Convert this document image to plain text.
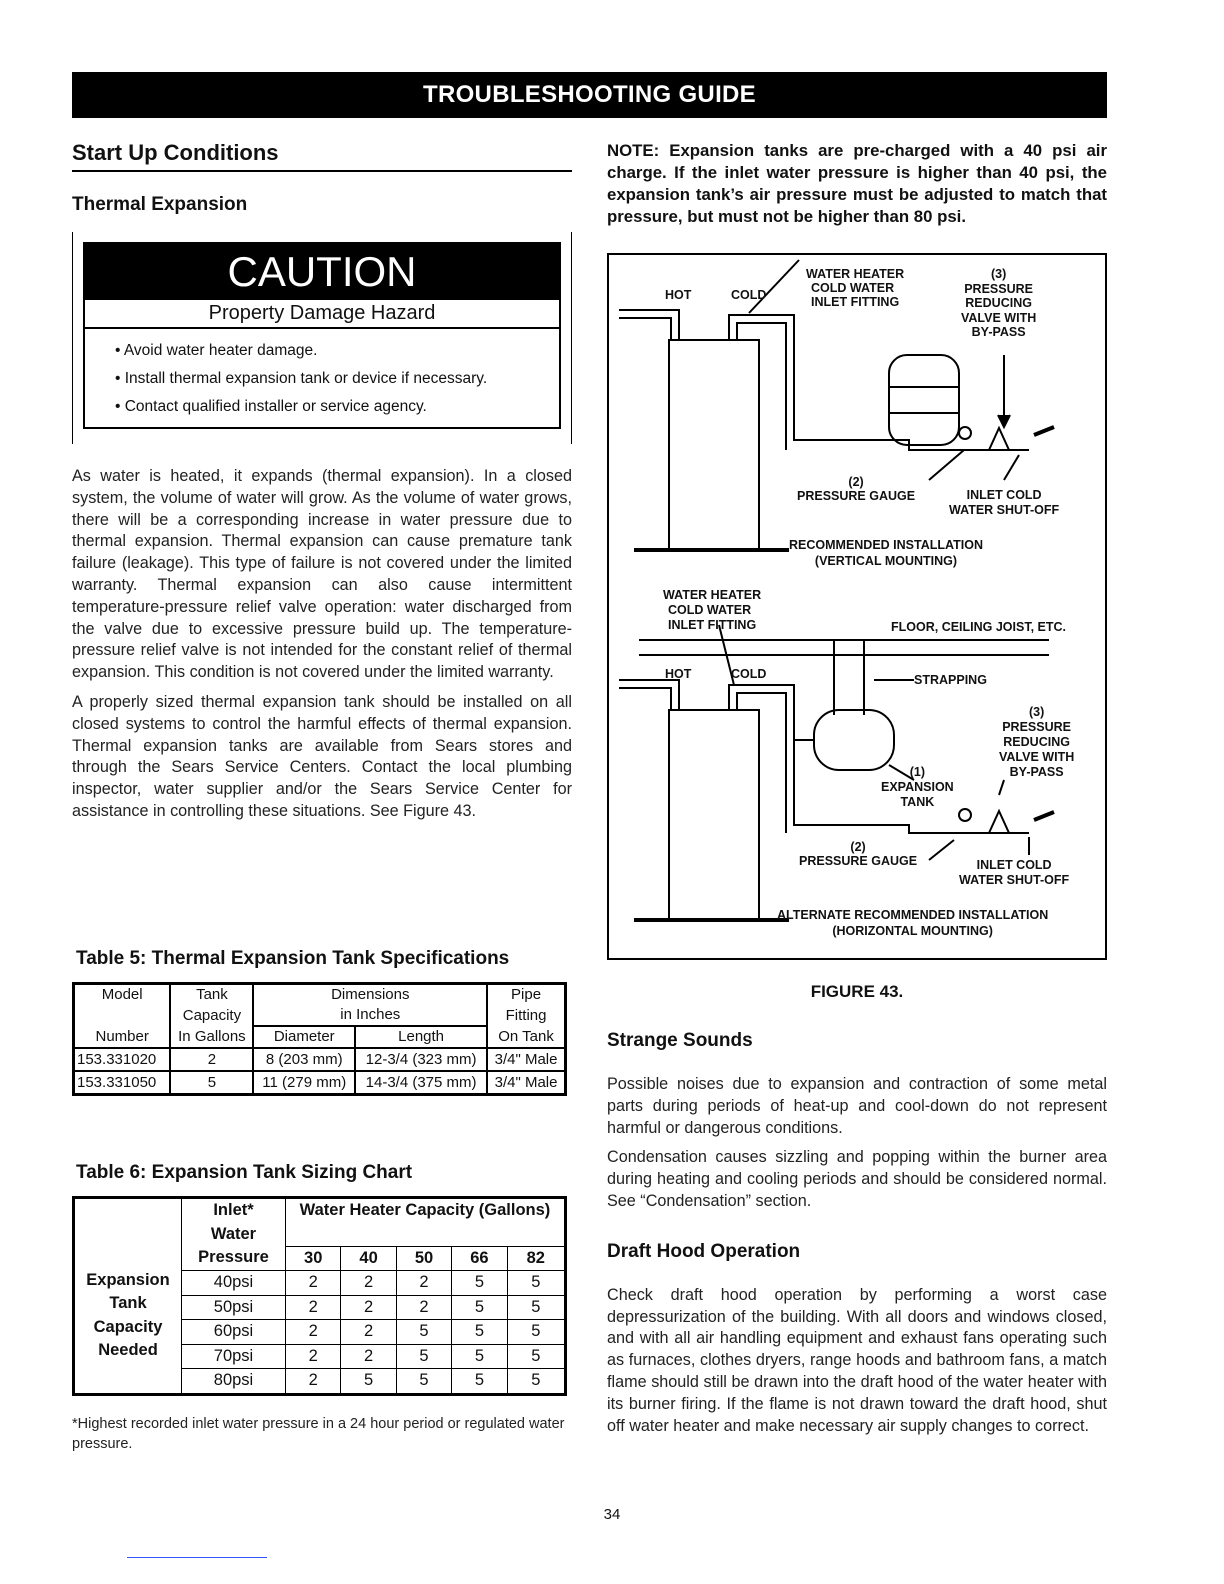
TROUBLESHOOTING GUIDE
Start Up Conditions
Thermal Expansion
CAUTION
Property Damage Hazard
• Avoid water heater damage.
• Install thermal expansion tank or device if necessary.
• Contact qualified installer or service agency.

As water is heated, it expands (thermal expansion). In a closed system, the volume of water will grow. As the volume of water grows, there will be a corresponding increase in water pressure due to thermal expansion. Thermal expansion can cause premature tank failure (leakage). This type of failure is not covered under the limited warranty. Thermal expansion can also cause intermittent temperature-pressure relief valve operation: water discharged from the valve due to excessive pressure build up. The temperature-pressure relief valve is not intended for the constant relief of thermal expansion. This condition is not covered under the limited warranty.

A properly sized thermal expansion tank should be installed on all closed systems to control the harmful effects of thermal expansion. Thermal expansion tanks are available from Sears stores and through the Sears Service Centers. Contact the local plumbing inspector, water supplier and/or the Sears Service Center for assistance in controlling these situations. See Figure 43.

Table 5: Thermal Expansion Tank Specifications
Model	Tank	Dimensions		Pipe
	Capacity	in Inches		Fitting
Number	In Gallons	Diameter	Length	On Tank
153.331020	2	8 (203 mm)	12-3/4 (323 mm)	3/4" Male
153.331050	5	11 (279 mm)	14-3/4 (375 mm)	3/4" Male
Table 6: Expansion Tank Sizing Chart
Expansion
Tank
Capacity
Needed	Inlet*	Water Heater Capacity (Gallons)				
	Water					
	Pressure	30	40	50	66	82
	40psi	2	2	2	5	5
	50psi	2	2	2	5	5
	60psi	2	2	5	5	5
	70psi	2	2	5	5	5
	80psi	2	5	5	5	5
*Highest recorded inlet water pressure in a 24 hour period or regulated water pressure.

NOTE: Expansion tanks are pre-charged with a 40 psi air charge. If the inlet water pressure is higher than 40 psi, the expansion tank’s air pressure must be adjusted to match that pressure, but must not be higher than 80 psi.

HOT	COLD
WATER HEATER
COLD WATER
INLET FITTING
(3)
PRESSURE
REDUCING
VALVE WITH
BY-PASS
(2)
PRESSURE GAUGE	INLET COLD
WATER SHUT-OFF
RECOMMENDED INSTALLATION
(VERTICAL MOUNTING)
WATER HEATER
COLD WATER
INLET FITTING	FLOOR, CEILING JOIST, ETC.
HOT	COLD	STRAPPING
(3)
PRESSURE
REDUCING
VALVE WITH
BY-PASS
(1)
EXPANSION
TANK
(2)
PRESSURE GAUGE	INLET COLD
WATER SHUT-OFF
ALTERNATE RECOMMENDED INSTALLATION
(HORIZONTAL MOUNTING)
FIGURE 43.
Strange Sounds

Possible noises due to expansion and contraction of some metal parts during periods of heat-up and cool-down do not represent harmful or dangerous conditions.

Condensation causes sizzling and popping within the burner area during heating and cooling periods and should be considered normal. See “Condensation” section.

Draft Hood Operation

Check draft hood operation by performing a worst case depressurization of the building. With all doors and windows closed, and with all air handling equipment and exhaust fans operating such as furnaces, clothes dryers, range hoods and bathroom fans, a match flame should still be drawn into the draft hood of the water heater with its burner firing. If the flame is not drawn toward the draft hood, shut off water heater and make necessary air supply changes to correct.

34
